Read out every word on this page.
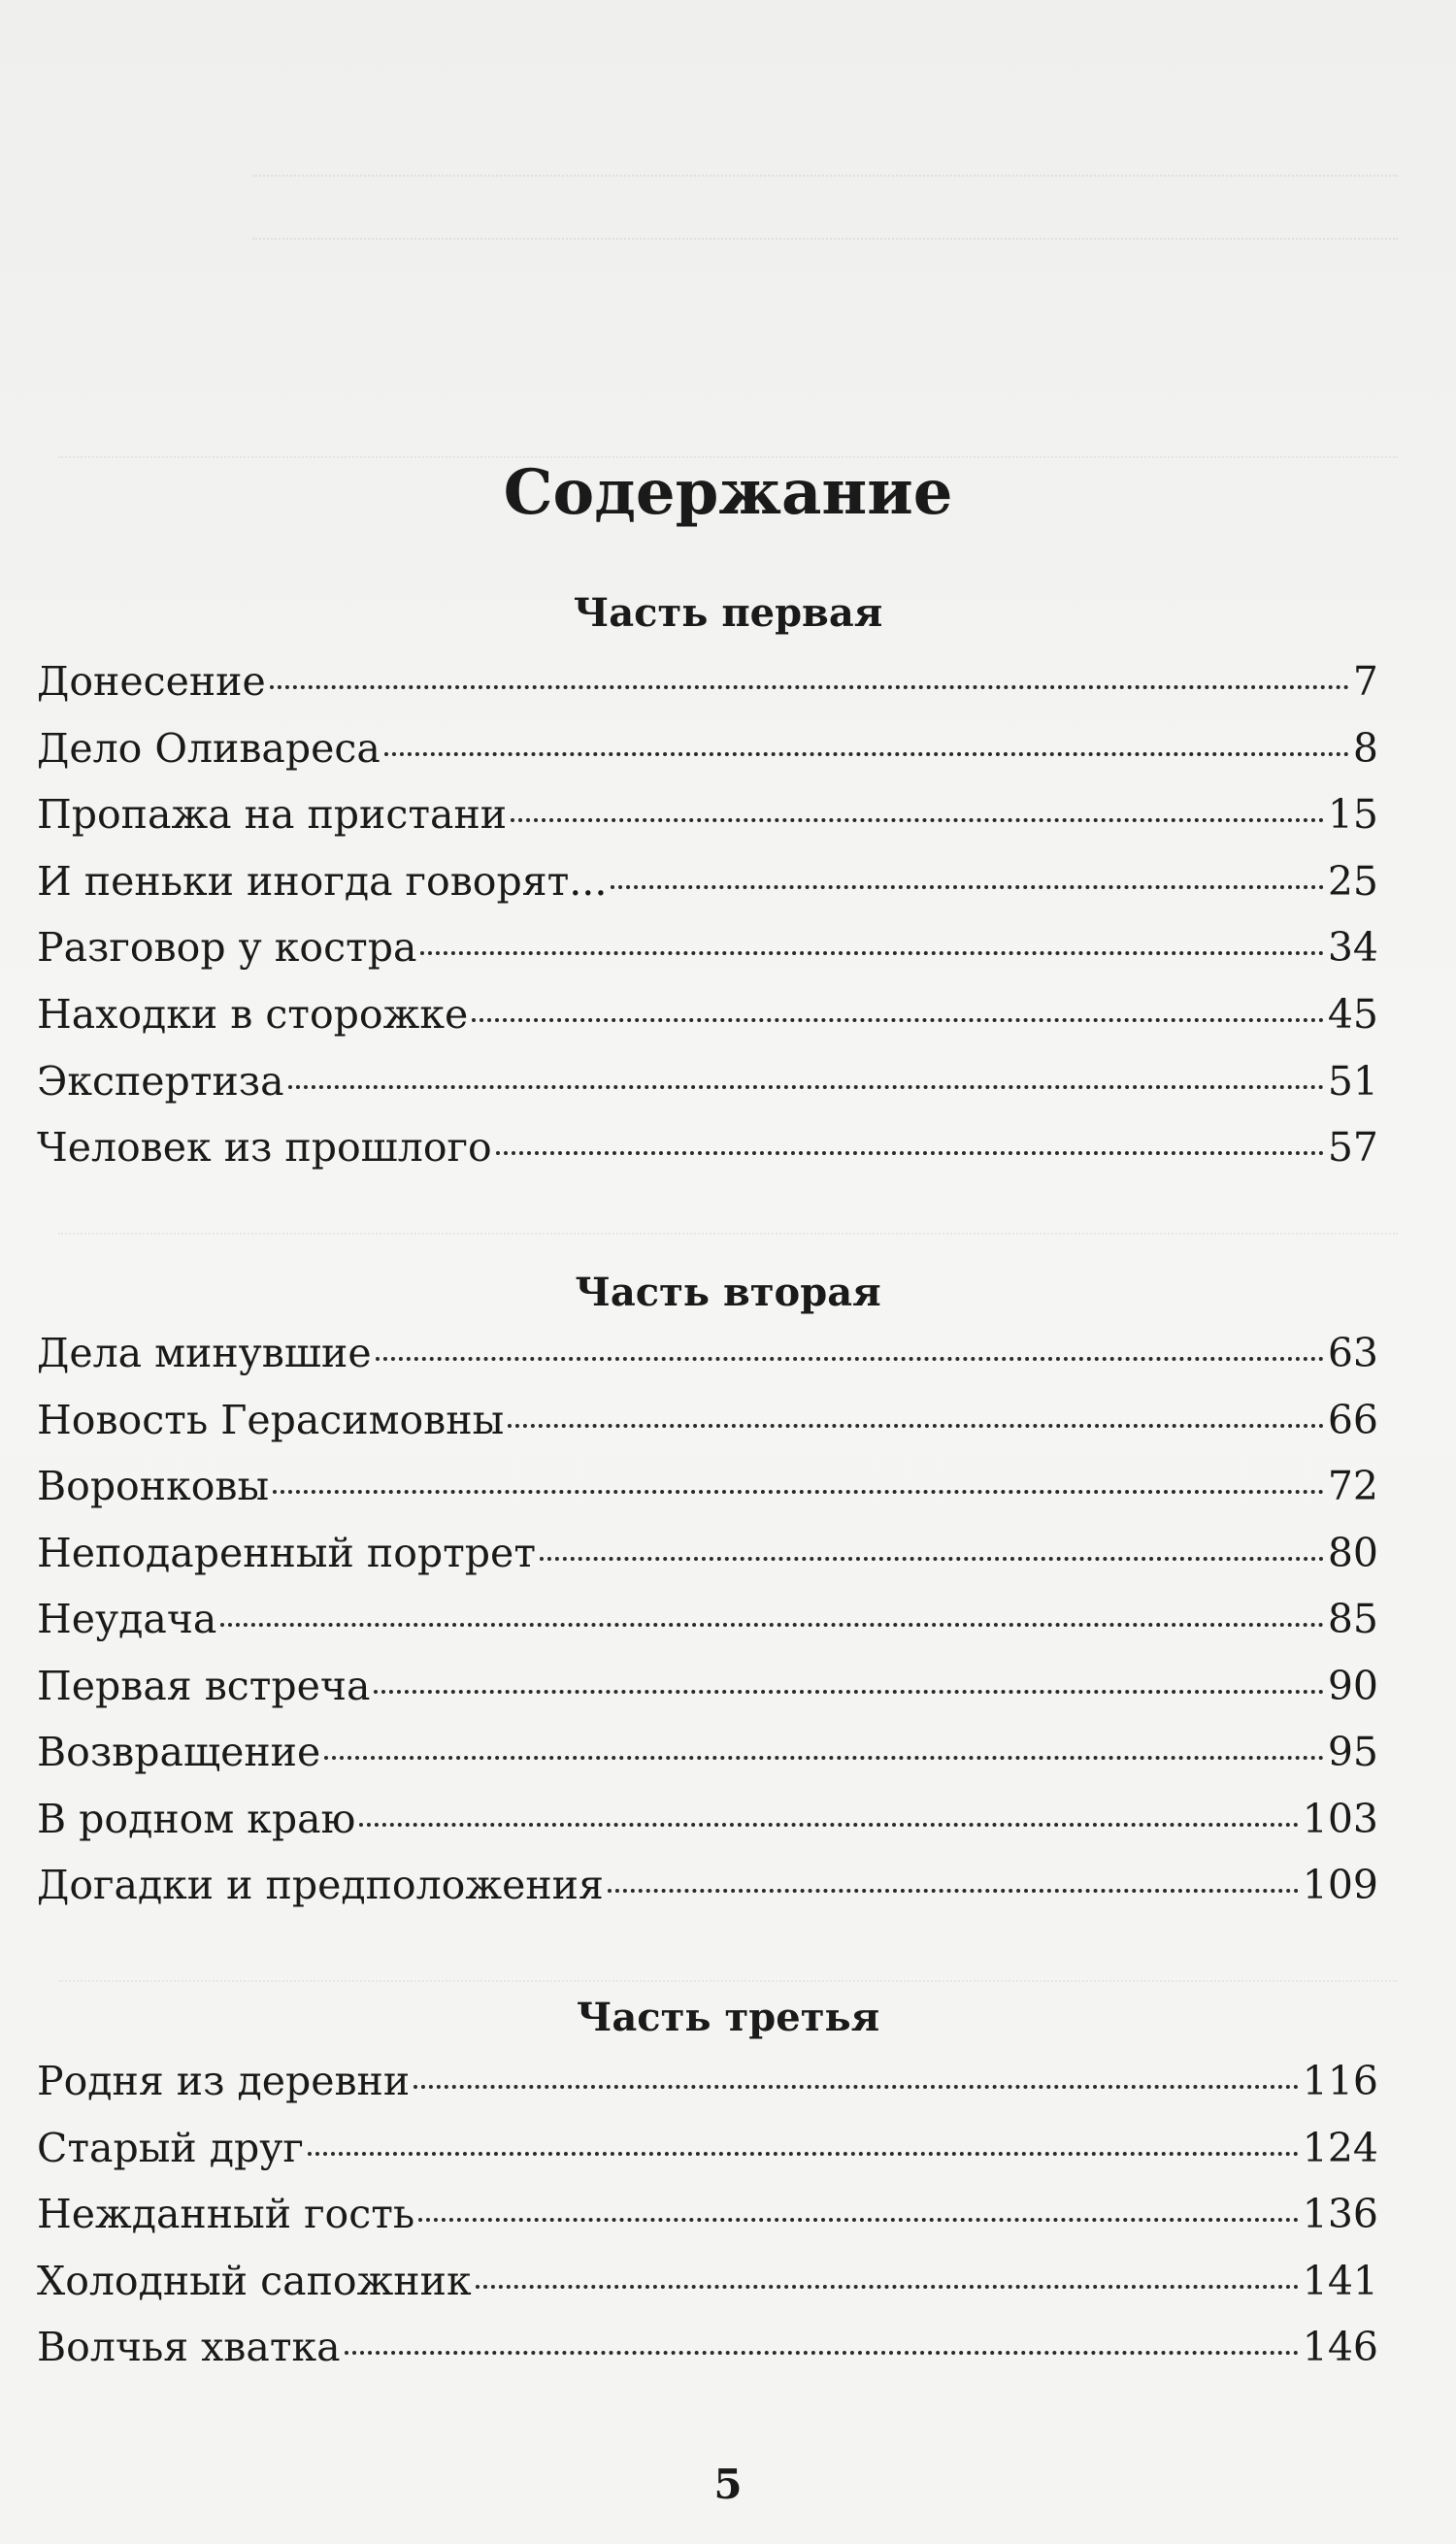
Содержание
Часть первая
Донесение	7
Дело Оливареса	8
Пропажа на пристани	15
И пеньки иногда говорят...	25
Разговор у костра	34
Находки в сторожке	45
Экспертиза	51
Человек из прошлого	57
Часть вторая
Дела минувшие	63
Новость Герасимовны	66
Воронковы	72
Неподаренный портрет	80
Неудача	85
Первая встреча	90
Возвращение	95
В родном краю	103
Догадки и предположения	109
Часть третья
Родня из деревни	116
Старый друг	124
Нежданный гость	136
Холодный сапожник	141
Волчья хватка	146
5
